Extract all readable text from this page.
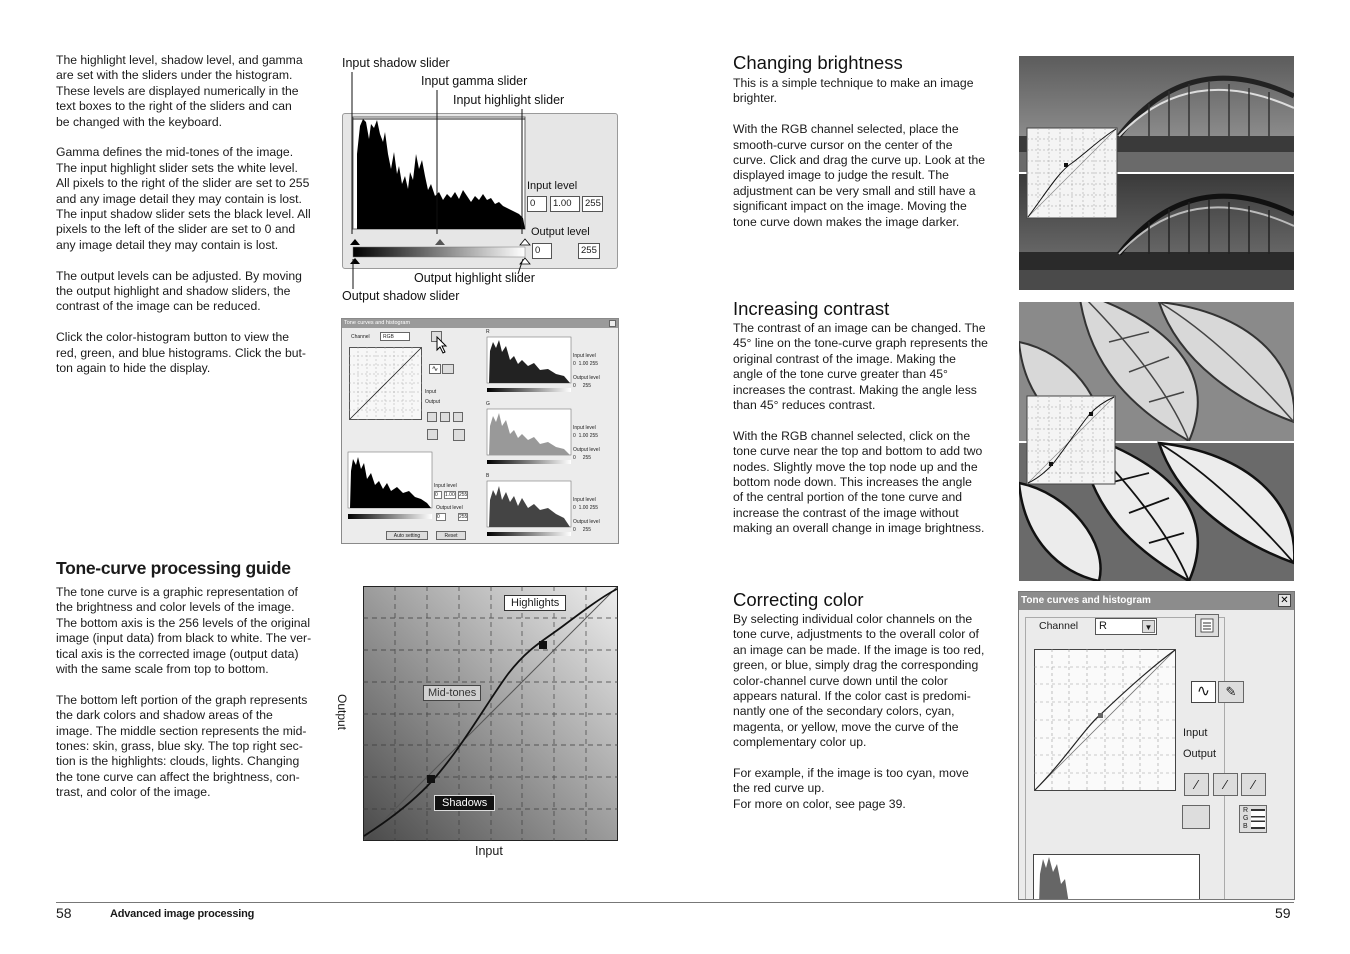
The highlight level, shadow level, and gamma
are set with the sliders under the histogram.
These levels are displayed numerically in the
text boxes to the right of the sliders and can
be changed with the keyboard.
Gamma defines the mid-tones of the image.
The input highlight slider sets the white level.
All pixels to the right of the slider are set to 255
and any image detail they may contain is lost.
The input shadow slider sets the black level. All
pixels to the left of the slider are set to 0 and
any image detail they may contain is lost.
The output levels can be adjusted. By moving
the output highlight and shadow sliders, the
contrast of the image can be reduced.
Click the color-histogram button to view the
red, green, and blue histograms. Click the but-
ton again to hide the display.
Input shadow slider
Input gamma slider
Input highlight slider
Input level
0	1.00	255
Output level
0	255
Output highlight slider
Output shadow slider
Tone curves and histogram
Channel	RGB
∿
Input
Output
Input level
0	1.00 255
Output level
0	255
Auto setting	Reset
R
Input level
0 1.00 255
Output level
0 255
G
Input level
0 1.00 255
Output level
0 255
B
Input level
0 1.00 255
Output level
0 255
Tone-curve processing guide
The tone curve is a graphic representation of
the brightness and color levels of the image.
The bottom axis is the 256 levels of the original
image (input data) from black to white. The ver-
tical axis is the corrected image (output data)
with the same scale from top to bottom.
The bottom left portion of the graph represents
the dark colors and shadow areas of the
image. The middle section represents the mid-
tones: skin, grass, blue sky. The top right sec-
tion is the highlights: clouds, lights. Changing
the tone curve can affect the brightness, con-
trast, and color of the image.
Highlights
Mid-tones
Shadows
Output
Input
58	Advanced image processing	59
Changing brightness
This is a simple technique to make an image
brighter.
With the RGB channel selected, place the
smooth-curve cursor on the center of the
curve. Click and drag the curve up. Look at the
displayed image to judge the result. The
adjustment can be very small and still have a
significant impact on the image. Moving the
tone curve down makes the image darker.
Increasing contrast
The contrast of an image can be changed. The
45° line on the tone-curve graph represents the
original contrast of the image. Making the
angle of the tone curve greater than 45°
increases the contrast. Making the angle less
than 45° reduces contrast.
With the RGB channel selected, click on the
tone curve near the top and bottom to add two
nodes. Slightly move the top node up and the
bottom node down. This increases the angle
of the central portion of the tone curve and
increase the contrast of the image without
making an overall change in image brightness.
Correcting color
By selecting individual color channels on the
tone curve, adjustments to the overall color of
an image can be made. If the image is too red,
green, or blue, simply drag the corresponding
color-channel curve down until the color
appears natural. If the color cast is predomi-
nantly one of the secondary colors, cyan,
magenta, or yellow, move the curve of the
complementary color up.
For example, if the image is too cyan, move
the red curve up.
For more on color, see page 39.
Tone curves and histogram	✕
Channel R	▼
∿	✎
Input
Output
⁄	⁄	⁄
R
G
B
